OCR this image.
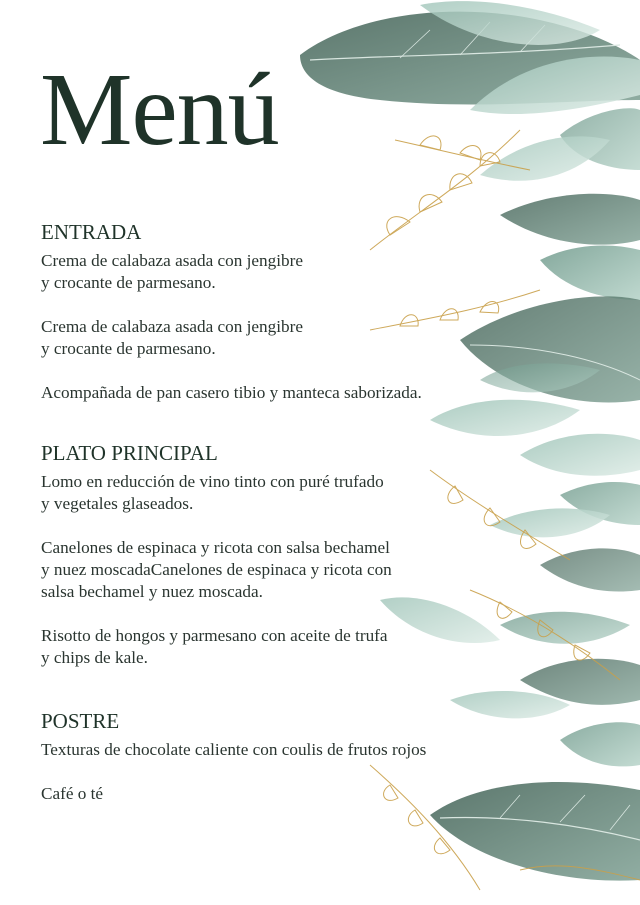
Menú
ENTRADA

Crema de calabaza asada con jengibre
y crocante de parmesano.

Crema de calabaza asada con jengibre
y crocante de parmesano.

Acompañada de pan casero tibio y manteca saborizada.

PLATO PRINCIPAL

Lomo en reducción de vino tinto con puré trufado
y vegetales glaseados.

Canelones de espinaca y ricota con salsa bechamel
y nuez moscadaCanelones de espinaca y ricota con
salsa bechamel y nuez moscada.

Risotto de hongos y parmesano con aceite de trufa
y chips de kale.

POSTRE

Texturas de chocolate caliente con coulis de frutos rojos

Café o té
